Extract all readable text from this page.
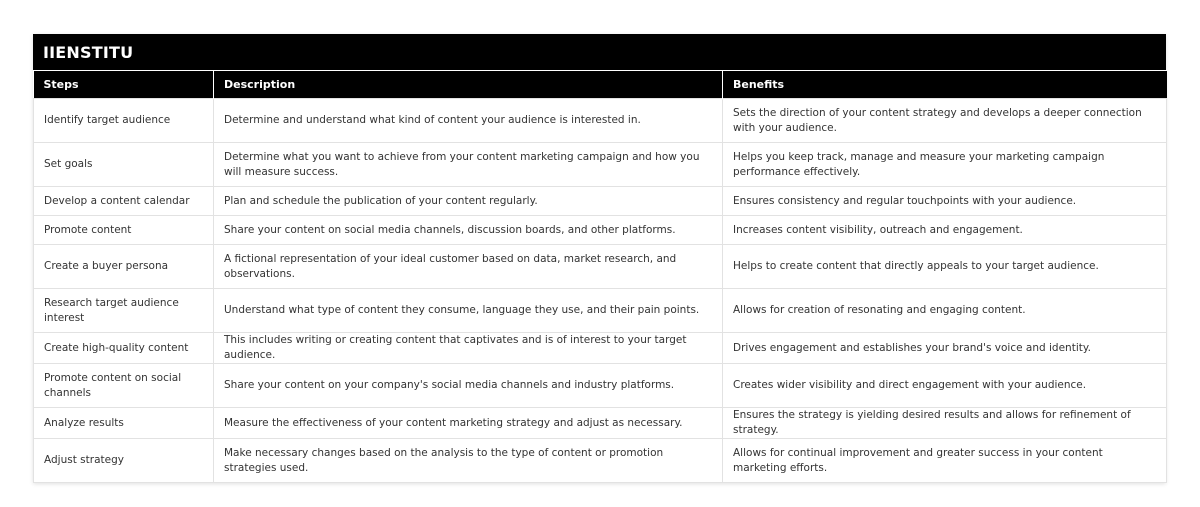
IIENSTITU
Steps	Description	Benefits
Identify target audience	Determine and understand what kind of content your audience is interested in.	Sets the direction of your content strategy and develops a deeper connection with your audience.
Set goals	Determine what you want to achieve from your content marketing campaign and how you will measure success.	Helps you keep track, manage and measure your marketing campaign performance effectively.
Develop a content calendar	Plan and schedule the publication of your content regularly.	Ensures consistency and regular touchpoints with your audience.
Promote content	Share your content on social media channels, discussion boards, and other platforms.	Increases content visibility, outreach and engagement.
Create a buyer persona	A fictional representation of your ideal customer based on data, market research, and observations.	Helps to create content that directly appeals to your target audience.
Research target audience interest	Understand what type of content they consume, language they use, and their pain points.	Allows for creation of resonating and engaging content.
Create high-quality content	This includes writing or creating content that captivates and is of interest to your target audience.	Drives engagement and establishes your brand's voice and identity.
Promote content on social channels	Share your content on your company's social media channels and industry platforms.	Creates wider visibility and direct engagement with your audience.
Analyze results	Measure the effectiveness of your content marketing strategy and adjust as necessary.	Ensures the strategy is yielding desired results and allows for refinement of strategy.
Adjust strategy	Make necessary changes based on the analysis to the type of content or promotion strategies used.	Allows for continual improvement and greater success in your content marketing efforts.
